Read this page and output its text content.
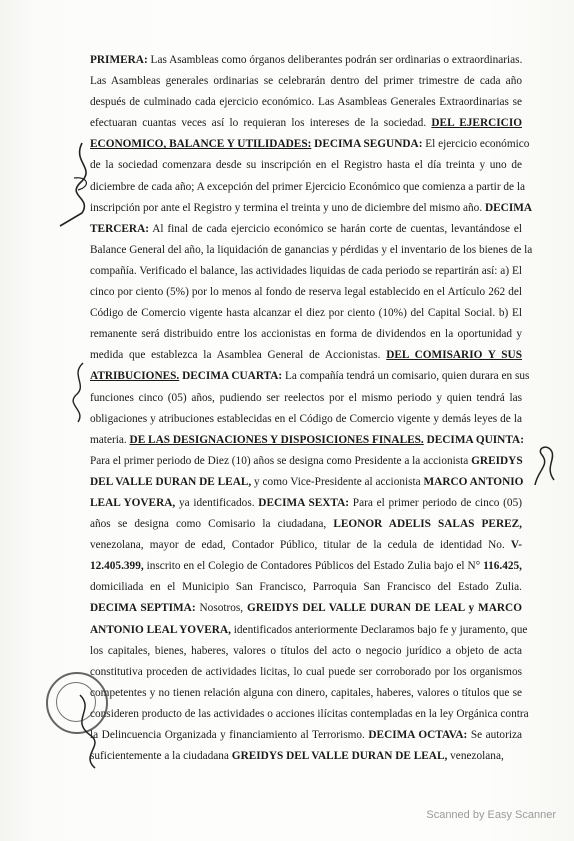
PRIMERA: Las Asambleas como órganos deliberantes podrán ser ordinarias o extraordinarias.
Las Asambleas generales ordinarias se celebrarán dentro del primer trimestre de cada año
después de culminado cada ejercicio económico. Las Asambleas Generales Extraordinarias se
efectuaran cuantas veces así lo requieran los intereses de la sociedad. DEL EJERCICIO
ECONOMICO, BALANCE Y UTILIDADES: DECIMA SEGUNDA: El ejercicio económico
de la sociedad comenzara desde su inscripción en el Registro hasta el día treinta y uno de
diciembre de cada año; A excepción del primer Ejercicio Económico que comienza a partir de la
inscripción por ante el Registro y termina el treinta y uno de diciembre del mismo año. DECIMA
TERCERA: Al final de cada ejercicio económico se harán corte de cuentas, levantándose el
Balance General del año, la liquidación de ganancias y pérdidas y el inventario de los bienes de la
compañía. Verificado el balance, las actividades liquidas de cada periodo se repartirán así: a) El
cinco por ciento (5%) por lo menos al fondo de reserva legal establecido en el Artículo 262 del
Código de Comercio vigente hasta alcanzar el diez por ciento (10%) del Capital Social. b) El
remanente será distribuido entre los accionistas en forma de dividendos en la oportunidad y
medida que establezca la Asamblea General de Accionistas. DEL COMISARIO Y SUS
ATRIBUCIONES. DECIMA CUARTA: La compañía tendrá un comisario, quien durara en sus
funciones cinco (05) años, pudiendo ser reelectos por el mismo periodo y quien tendrá las
obligaciones y atribuciones establecidas en el Código de Comercio vigente y demás leyes de la
materia. DE LAS DESIGNACIONES Y DISPOSICIONES FINALES. DECIMA QUINTA:
Para el primer periodo de Diez (10) años se designa como Presidente a la accionista GREIDYS
DEL VALLE DURAN DE LEAL, y como Vice-Presidente al accionista MARCO ANTONIO
LEAL YOVERA, ya identificados. DECIMA SEXTA: Para el primer periodo de cinco (05)
años se designa como Comisario la ciudadana, LEONOR ADELIS SALAS PEREZ,
venezolana, mayor de edad, Contador Público, titular de la cedula de identidad No. V-
12.405.399, inscrito en el Colegio de Contadores Públicos del Estado Zulia bajo el N° 116.425,
domiciliada en el Municipio San Francisco, Parroquia San Francisco del Estado Zulia.
DECIMA SEPTIMA: Nosotros, GREIDYS DEL VALLE DURAN DE LEAL y MARCO
ANTONIO LEAL YOVERA, identificados anteriormente Declaramos bajo fe y juramento, que
los capitales, bienes, haberes, valores o títulos del acto o negocio jurídico a objeto de acta
constitutiva proceden de actividades licitas, lo cual puede ser corroborado por los organismos
competentes y no tienen relación alguna con dinero, capitales, haberes, valores o títulos que se
consideren producto de las actividades o acciones ilícitas contempladas en la ley Orgánica contra
la Delincuencia Organizada y financiamiento al Terrorismo. DECIMA OCTAVA: Se autoriza
suficientemente a la ciudadana GREIDYS DEL VALLE DURAN DE LEAL, venezolana,
Scanned by Easy Scanner
